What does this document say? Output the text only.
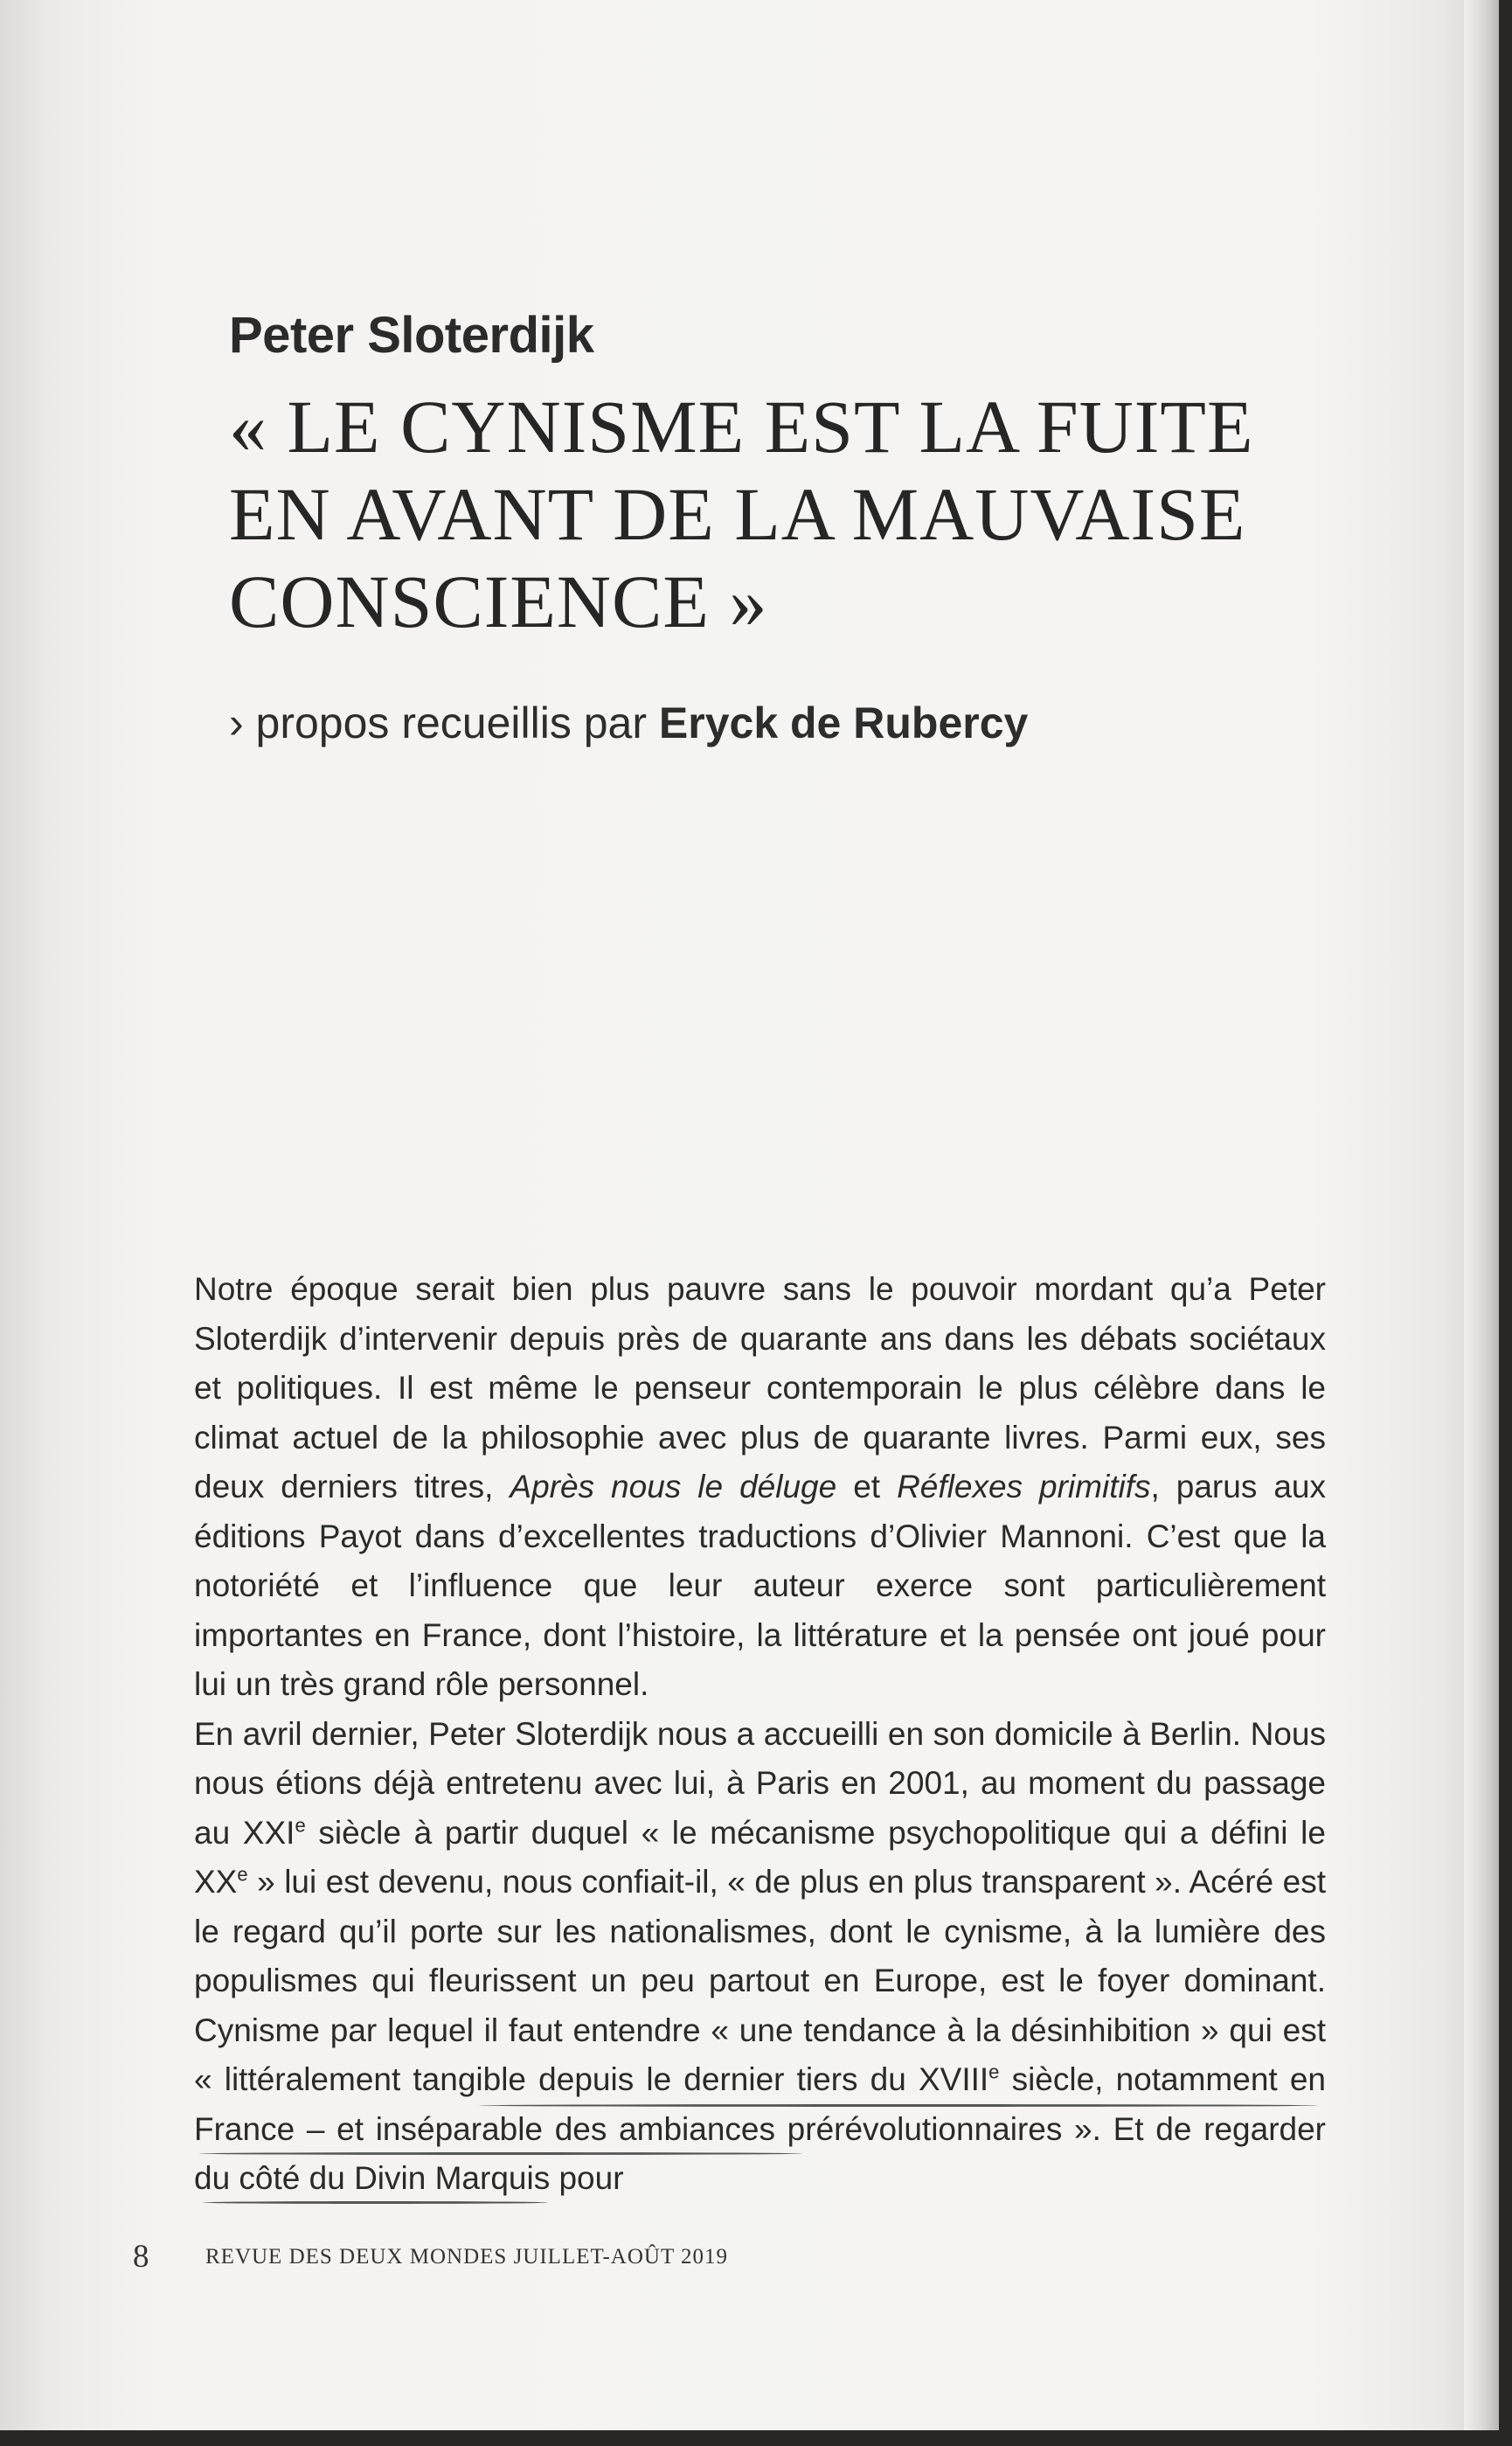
Peter Sloterdijk
« LE CYNISME EST LA FUITE
EN AVANT DE LA MAUVAISE
CONSCIENCE »
› propos recueillis par Eryck de Rubercy

Notre époque serait bien plus pauvre sans le pouvoir mordant qu’a Peter Sloterdijk d’intervenir depuis près de quarante ans dans les débats sociétaux et politiques. Il est même le penseur contemporain le plus célèbre dans le climat actuel de la philosophie avec plus de quarante livres. Parmi eux, ses deux derniers titres, Après nous le déluge et Réflexes primitifs, parus aux éditions Payot dans d’excellentes traductions d’Olivier Mannoni. C’est que la notoriété et l’influence que leur auteur exerce sont particulièrement importantes en France, dont l’histoire, la littérature et la pensée ont joué pour lui un très grand rôle personnel.

En avril dernier, Peter Sloterdijk nous a accueilli en son domicile à Berlin. Nous nous étions déjà entretenu avec lui, à Paris en 2001, au moment du passage au XXIe siècle à partir duquel « le mécanisme psychopolitique qui a défini le XXe » lui est devenu, nous confiait-il, « de plus en plus transparent ». Acéré est le regard qu’il porte sur les nationalismes, dont le cynisme, à la lumière des populismes qui fleurissent un peu partout en Europe, est le foyer dominant. Cynisme par lequel il faut entendre « une tendance à la désinhibition » qui est « littéralement tangible depuis le dernier tiers du XVIIIe siècle, notamment en France – et inséparable des ambiances prérévolutionnaires ». Et de regarder du côté du Divin Marquis pour

8	REVUE DES DEUX MONDES JUILLET-AOÛT 2019
